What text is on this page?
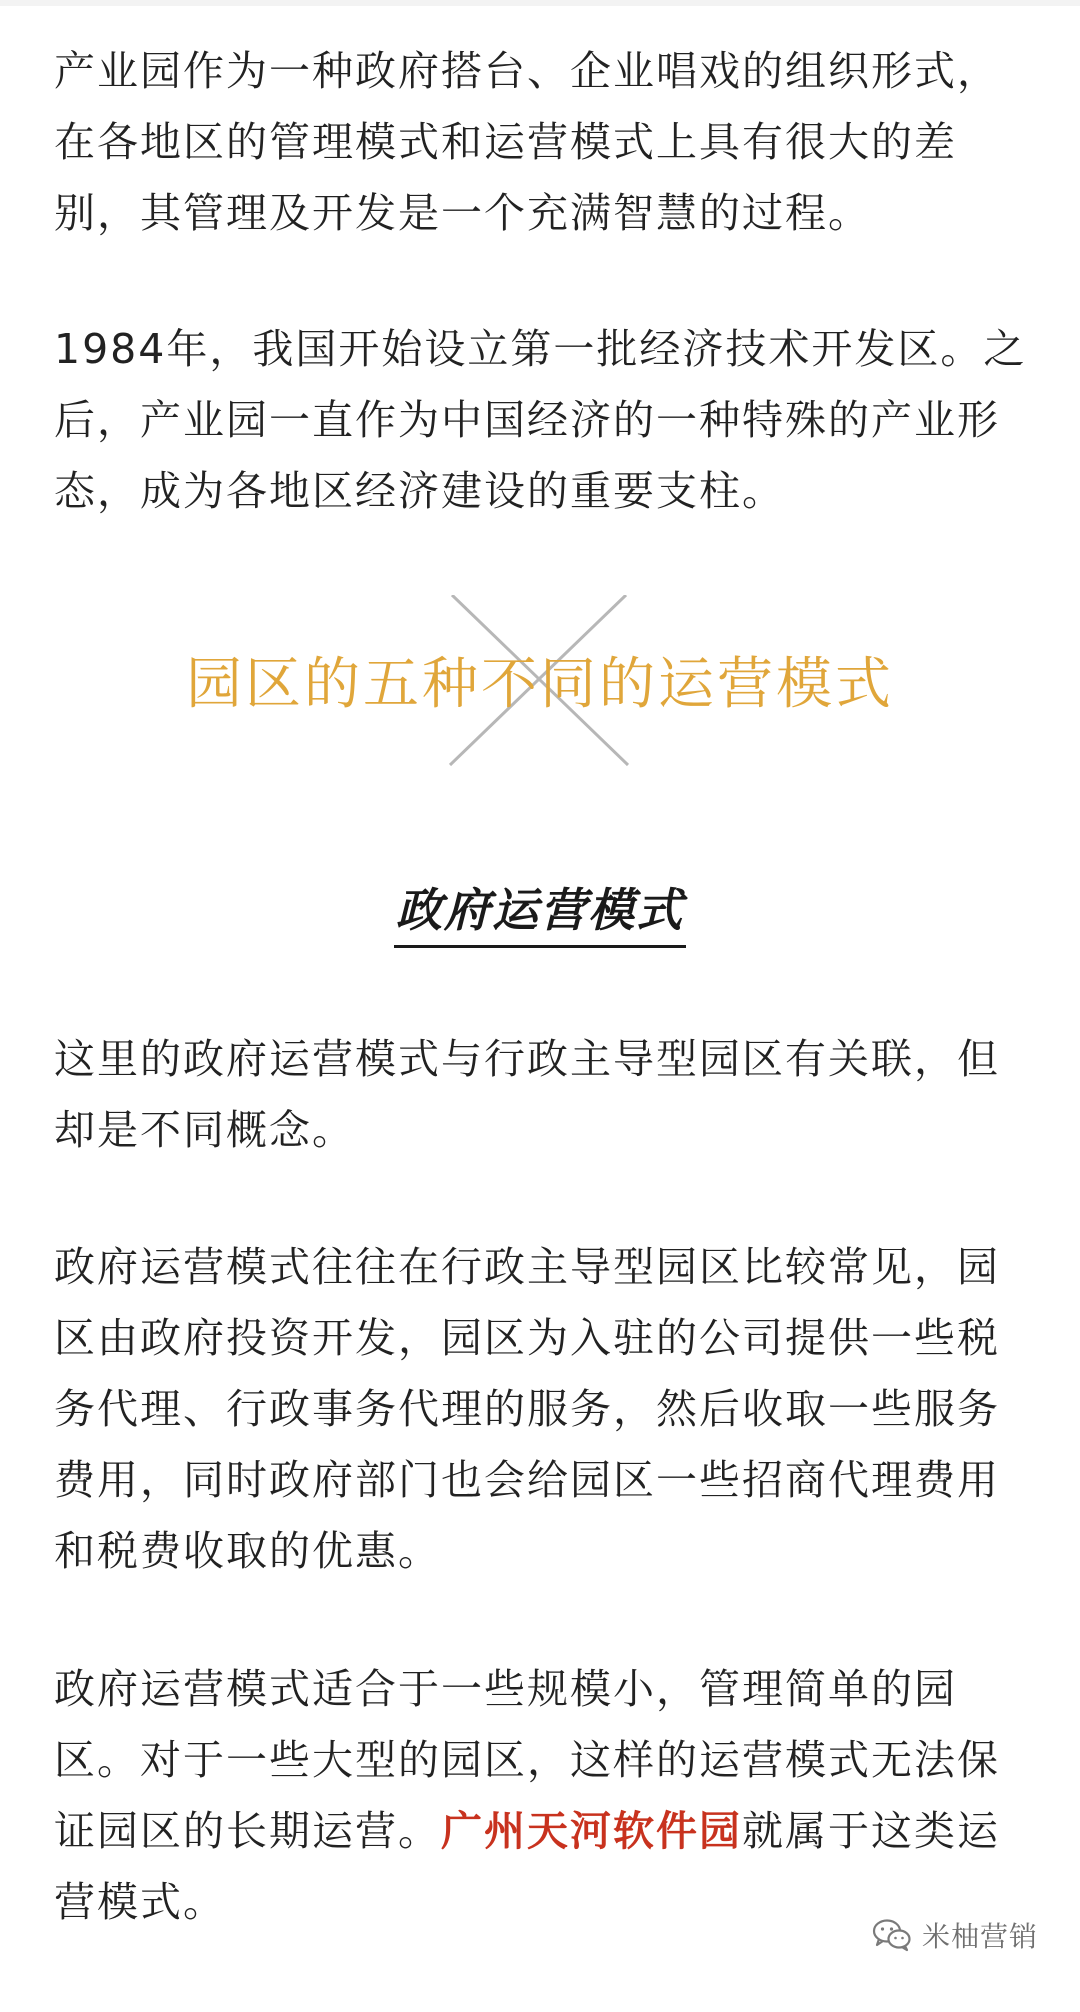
产业园作为一种政府搭台、企业唱戏的组织形式，在各地区的管理模式和运营模式上具有很大的差别，其管理及开发是一个充满智慧的过程。

1984年，我国开始设立第一批经济技术开发区。之后，产业园一直作为中国经济的一种特殊的产业形态，成为各地区经济建设的重要支柱。

园区的五种不同的运营模式
政府运营模式

这里的政府运营模式与行政主导型园区有关联，但却是不同概念。

政府运营模式往往在行政主导型园区比较常见，园区由政府投资开发，园区为入驻的公司提供一些税务代理、行政事务代理的服务，然后收取一些服务费用，同时政府部门也会给园区一些招商代理费用和税费收取的优惠。

政府运营模式适合于一些规模小，管理简单的园区。对于一些大型的园区，这样的运营模式无法保证园区的长期运营。广州天河软件园就属于这类运营模式。

米柚营销
